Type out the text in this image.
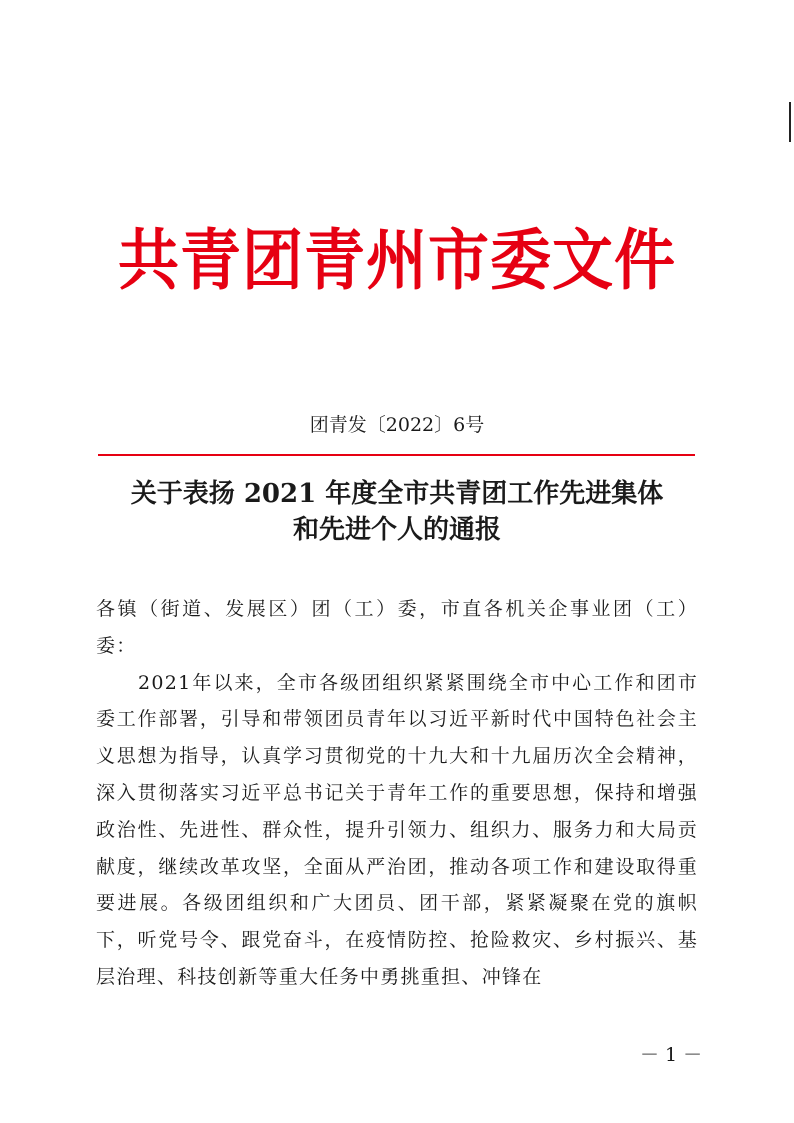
共青团青州市委文件
团青发〔2022〕6号
关于表扬 2021 年度全市共青团工作先进集体
和先进个人的通报

各镇（街道、发展区）团（工）委，市直各机关企事业团（工）委：

2021年以来，全市各级团组织紧紧围绕全市中心工作和团市委工作部署，引导和带领团员青年以习近平新时代中国特色社会主义思想为指导，认真学习贯彻党的十九大和十九届历次全会精神，深入贯彻落实习近平总书记关于青年工作的重要思想，保持和增强政治性、先进性、群众性，提升引领力、组织力、服务力和大局贡献度，继续改革攻坚，全面从严治团，推动各项工作和建设取得重要进展。各级团组织和广大团员、团干部，紧紧凝聚在党的旗帜下，听党号令、跟党奋斗，在疫情防控、抢险救灾、乡村振兴、基层治理、科技创新等重大任务中勇挑重担、冲锋在

－ 1 －
